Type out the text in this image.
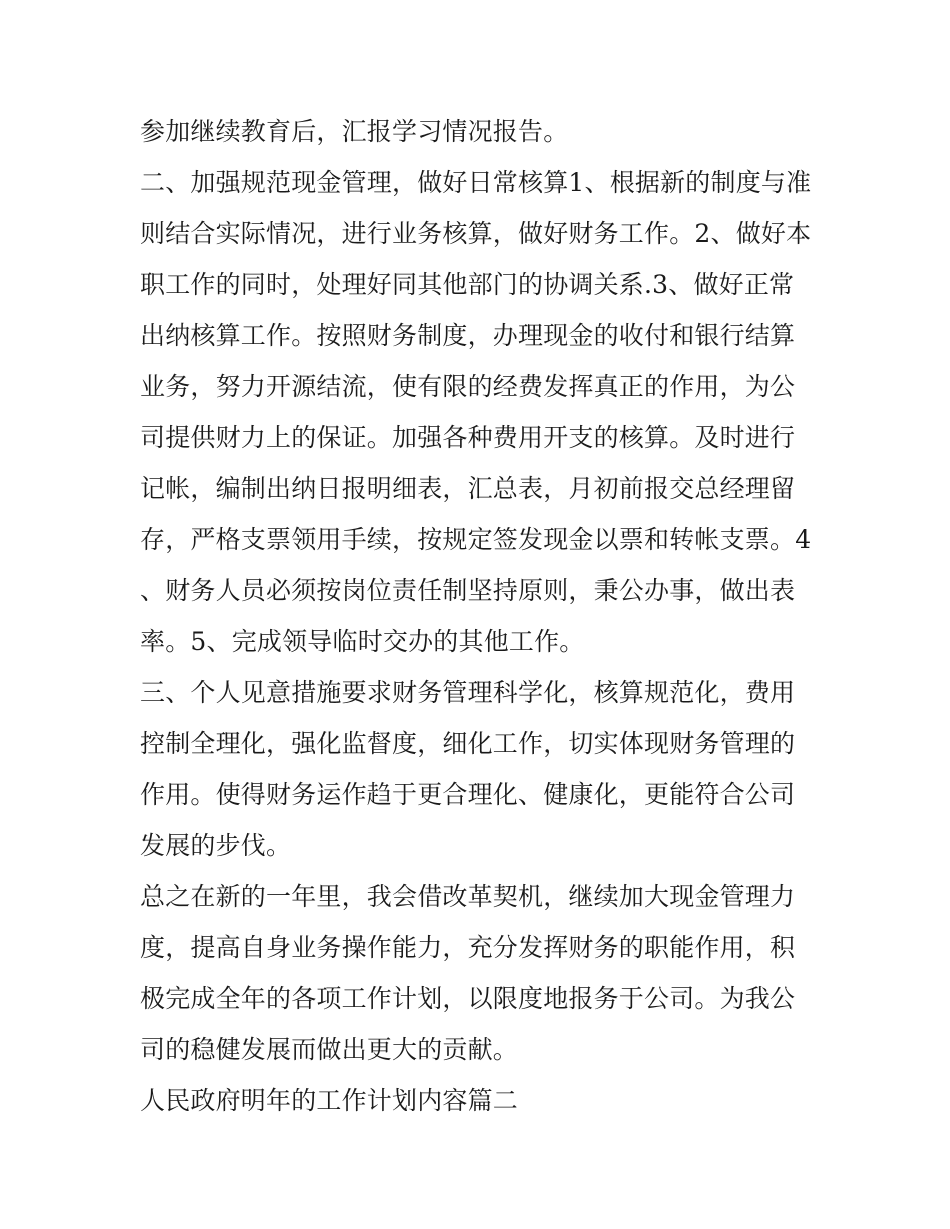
参加继续教育后，汇报学习情况报告。

二、加强规范现金管理，做好日常核算1、根据新的制度与准则结合实际情况，进行业务核算，做好财务工作。2、做好本职工作的同时，处理好同其他部门的协调关系.3、做好正常出纳核算工作。按照财务制度，办理现金的收付和银行结算业务，努力开源结流，使有限的经费发挥真正的作用，为公司提供财力上的保证。加强各种费用开支的核算。及时进行记帐，编制出纳日报明细表，汇总表，月初前报交总经理留存，严格支票领用手续，按规定签发现金以票和转帐支票。4、财务人员必须按岗位责任制坚持原则，秉公办事，做出表率。5、完成领导临时交办的其他工作。

三、个人见意措施要求财务管理科学化，核算规范化，费用控制全理化，强化监督度，细化工作，切实体现财务管理的作用。使得财务运作趋于更合理化、健康化，更能符合公司发展的步伐。

总之在新的一年里，我会借改革契机，继续加大现金管理力度，提高自身业务操作能力，充分发挥财务的职能作用，积极完成全年的各项工作计划，以限度地报务于公司。为我公司的稳健发展而做出更大的贡献。

人民政府明年的工作计划内容篇二
